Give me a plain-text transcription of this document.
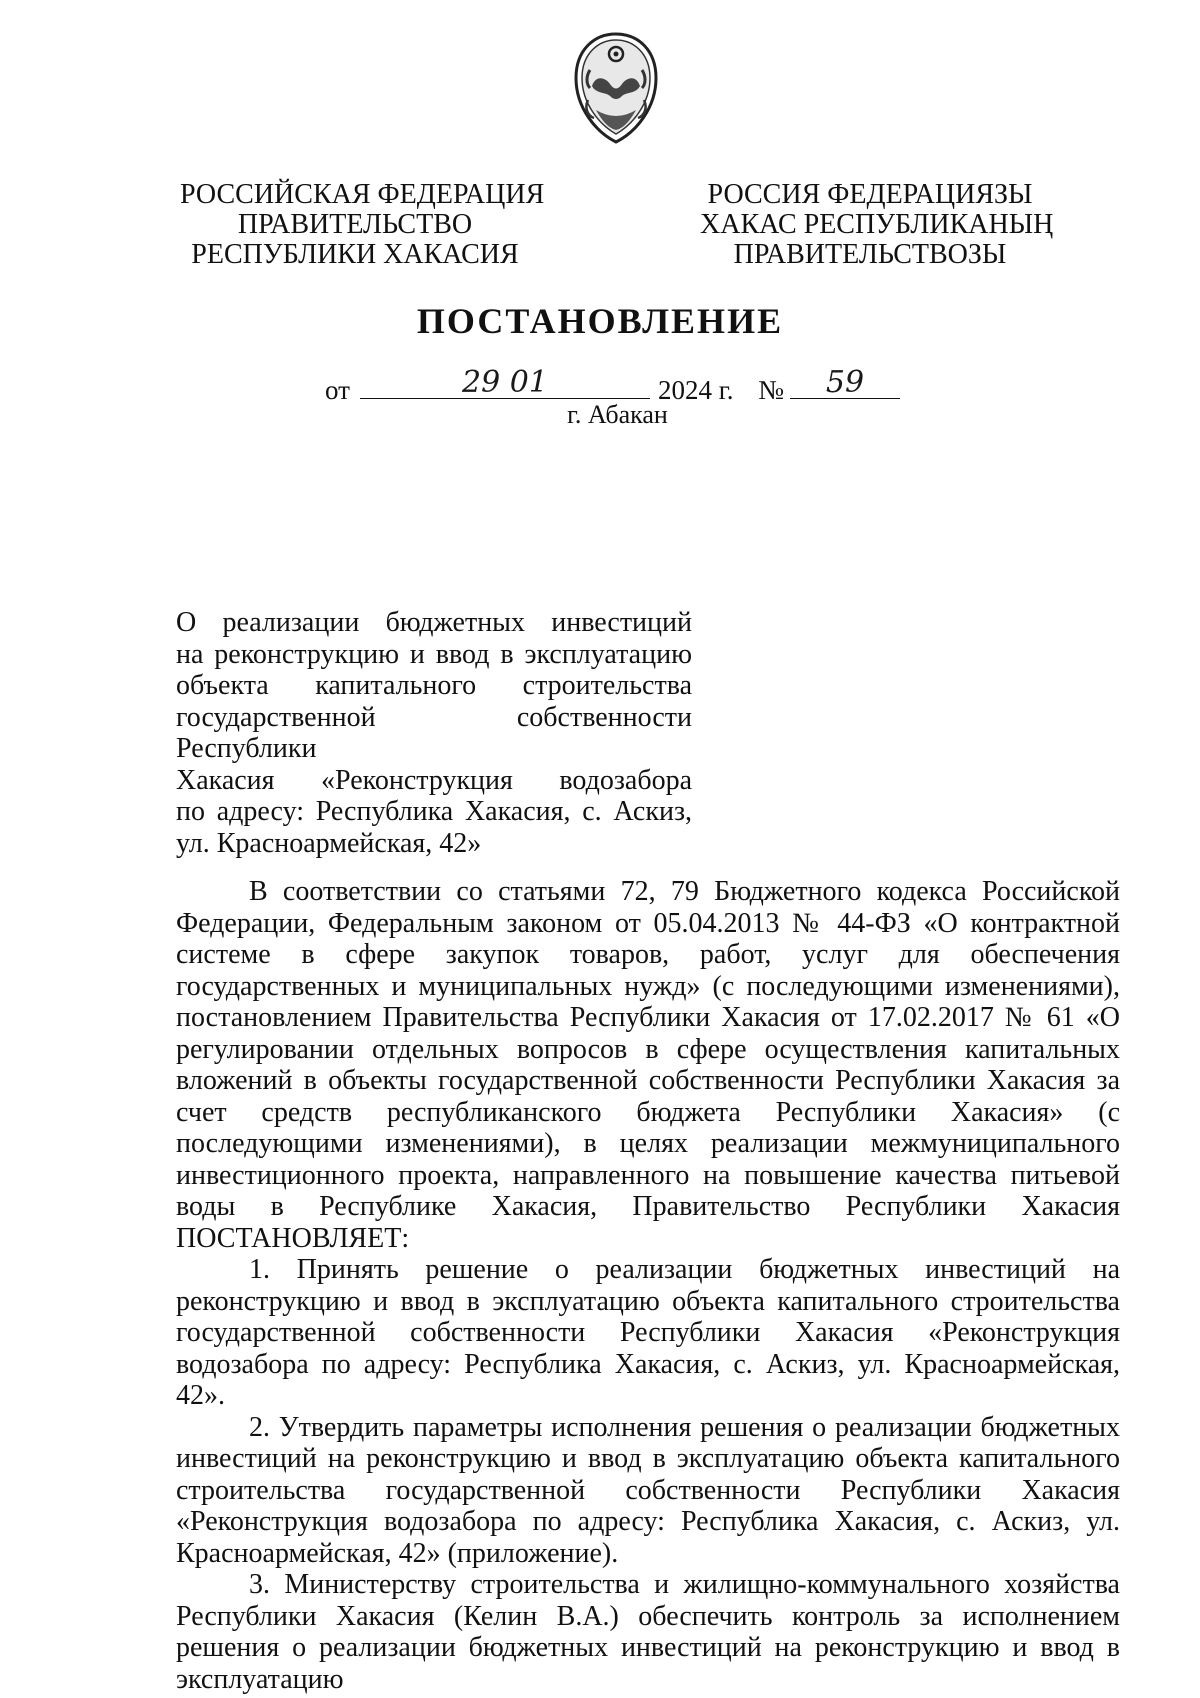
РОССИЙСКАЯ ФЕДЕРАЦИЯ
ПРАВИТЕЛЬСТВО
РЕСПУБЛИКИ ХАКАСИЯ
РОССИЯ ФЕДЕРАЦИЯЗЫ
ХАКАС РЕСПУБЛИКАНЫҢ
ПРАВИТЕЛЬСТВОЗЫ
ПОСТАНОВЛЕНИЕ
от	29 01	2024 г. №	59
г. Абакан
О реализации бюджетных инвестиций
на реконструкцию и ввод в эксплуатацию
объекта капитального строительства
государственной собственности Республики
Хакасия «Реконструкция водозабора
по адресу: Республика Хакасия, с. Аскиз,
ул. Красноармейская, 42»

В соответствии со статьями 72, 79 Бюджетного кодекса Российской Федерации, Федеральным законом от 05.04.2013 № 44-ФЗ «О контрактной системе в сфере закупок товаров, работ, услуг для обеспечения государственных и муниципальных нужд» (с последующими изменениями), постановлением Правительства Республики Хакасия от 17.02.2017 № 61 «О регулировании отдельных вопросов в сфере осуществления капитальных вложений в объекты государственной собственности Республики Хакасия за счет средств республиканского бюджета Республики Хакасия» (с последующими изменениями), в целях реализации межмуниципального инвестиционного проекта, направленного на повышение качества питьевой воды в Республике Хакасия, Правительство Республики Хакасия ПОСТАНОВЛЯЕТ:

1. Принять решение о реализации бюджетных инвестиций на реконструкцию и ввод в эксплуатацию объекта капитального строительства государственной собственности Республики Хакасия «Реконструкция водозабора по адресу: Республика Хакасия, с. Аскиз, ул. Красноармейская, 42».

2. Утвердить параметры исполнения решения о реализации бюджетных инвестиций на реконструкцию и ввод в эксплуатацию объекта капитального строительства государственной собственности Республики Хакасия «Реконструкция водозабора по адресу: Республика Хакасия, с. Аскиз, ул. Красноармейская, 42» (приложение).

3. Министерству строительства и жилищно-коммунального хозяйства Республики Хакасия (Келин В.А.) обеспечить контроль за исполнением решения о реализации бюджетных инвестиций на реконструкцию и ввод в эксплуатацию
